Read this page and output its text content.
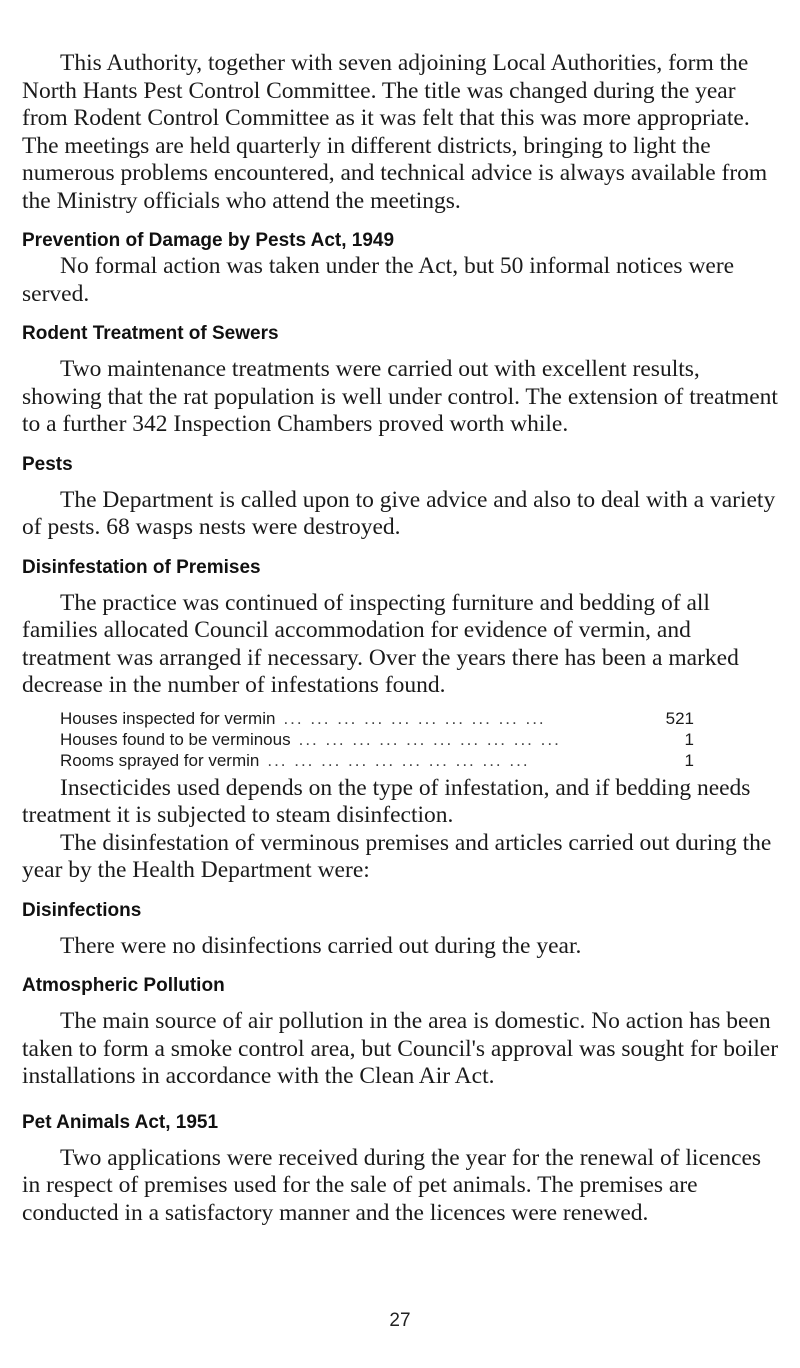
This Authority, together with seven adjoining Local Authorities, form the North Hants Pest Control Committee. The title was changed during the year from Rodent Control Committee as it was felt that this was more appropriate. The meetings are held quarterly in different districts, bringing to light the numerous problems encountered, and technical advice is always available from the Ministry officials who attend the meetings.

Prevention of Damage by Pests Act, 1949

No formal action was taken under the Act, but 50 informal notices were served.

Rodent Treatment of Sewers

Two maintenance treatments were carried out with excellent results, showing that the rat population is well under control. The extension of treatment to a further 342 Inspection Chambers proved worth while.

Pests

The Department is called upon to give advice and also to deal with a variety of pests. 68 wasps nests were destroyed.

Disinfestation of Premises

The practice was continued of inspecting furniture and bedding of all families allocated Council accommodation for evidence of vermin, and treatment was arranged if necessary. Over the years there has been a marked decrease in the number of infestations found.

Houses inspected for vermin ... ... ... ... ... ... ... ... ... ...	521
Houses found to be verminous ... ... ... ... ... ... ... ... ... ...	1
Rooms sprayed for vermin ... ... ... ... ... ... ... ... ... ...	1

Insecticides used depends on the type of infestation, and if bedding needs treatment it is subjected to steam disinfection.

The disinfestation of verminous premises and articles carried out during the year by the Health Department were:

Disinfections

There were no disinfections carried out during the year.

Atmospheric Pollution

The main source of air pollution in the area is domestic. No action has been taken to form a smoke control area, but Council's approval was sought for boiler installations in accordance with the Clean Air Act.

Pet Animals Act, 1951

Two applications were received during the year for the renewal of licences in respect of premises used for the sale of pet animals. The premises are conducted in a satisfactory manner and the licences were renewed.

27
